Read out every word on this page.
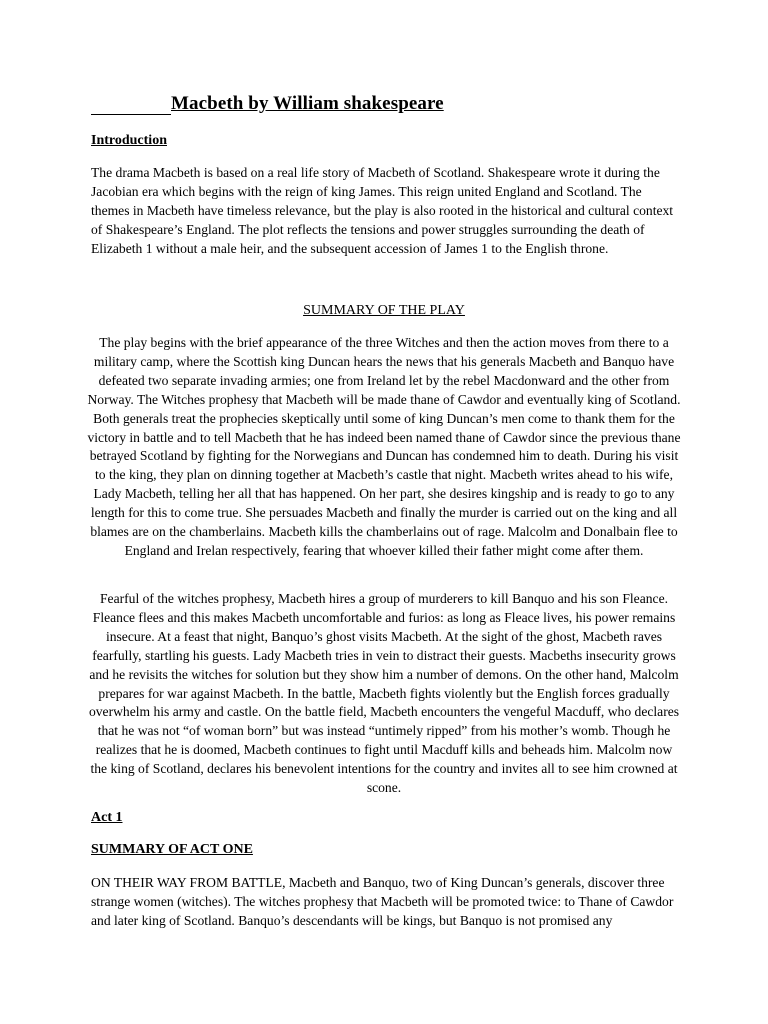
Macbeth by William shakespeare
Introduction
The drama Macbeth is based on a real life story of Macbeth of Scotland. Shakespeare wrote it during the Jacobian era which begins with the reign of king James. This reign united England and Scotland. The themes in Macbeth have timeless relevance, but the play is also rooted in the historical and cultural context of Shakespeare’s England. The plot reflects the tensions and power struggles surrounding the death of Elizabeth 1 without a male heir, and the subsequent accession of James 1 to the English throne.
SUMMARY OF THE PLAY
The play begins with the brief appearance of the three Witches and then the action moves from there to a military camp, where the Scottish king Duncan hears the news that his generals Macbeth and Banquo have defeated two separate invading armies; one from Ireland let by the rebel Macdonward and the other from Norway. The Witches prophesy that Macbeth will be made thane of Cawdor and eventually king of Scotland. Both generals treat the prophecies skeptically until some of king Duncan’s men come to thank them for the victory in battle and to tell Macbeth that he has indeed been named thane of Cawdor since the previous thane betrayed Scotland by fighting for the Norwegians and Duncan has condemned him to death. During his visit to the king, they plan on dinning together at Macbeth’s castle that night. Macbeth writes ahead to his wife, Lady Macbeth, telling her all that has happened. On her part, she desires kingship and is ready to go to any length for this to come true. She persuades Macbeth and finally the murder is carried out on the king and all blames are on the chamberlains. Macbeth kills the chamberlains out of rage. Malcolm and Donalbain flee to England and Irelan respectively, fearing that whoever killed their father might come after them.
Fearful of the witches prophesy, Macbeth hires a group of murderers to kill Banquo and his son Fleance. Fleance flees and this makes Macbeth uncomfortable and furios: as long as Fleace lives, his power remains insecure. At a feast that night, Banquo’s ghost visits Macbeth. At the sight of the ghost, Macbeth raves fearfully, startling his guests. Lady Macbeth tries in vein to distract their guests. Macbeths insecurity grows and he revisits the witches for solution but they show him a number of demons. On the other hand, Malcolm prepares for war against Macbeth. In the battle, Macbeth fights violently but the English forces gradually overwhelm his army and castle. On the battle field, Macbeth encounters the vengeful Macduff, who declares that he was not “of woman born” but was instead “untimely ripped” from his mother’s womb. Though he realizes that he is doomed, Macbeth continues to fight until Macduff kills and beheads him. Malcolm now the king of Scotland, declares his benevolent intentions for the country and invites all to see him crowned at scone.
Act 1
SUMMARY OF ACT ONE
ON THEIR WAY FROM BATTLE, Macbeth and Banquo, two of King Duncan’s generals, discover three strange women (witches). The witches prophesy that Macbeth will be promoted twice: to Thane of Cawdor and later king of Scotland. Banquo’s descendants will be kings, but Banquo is not promised any
